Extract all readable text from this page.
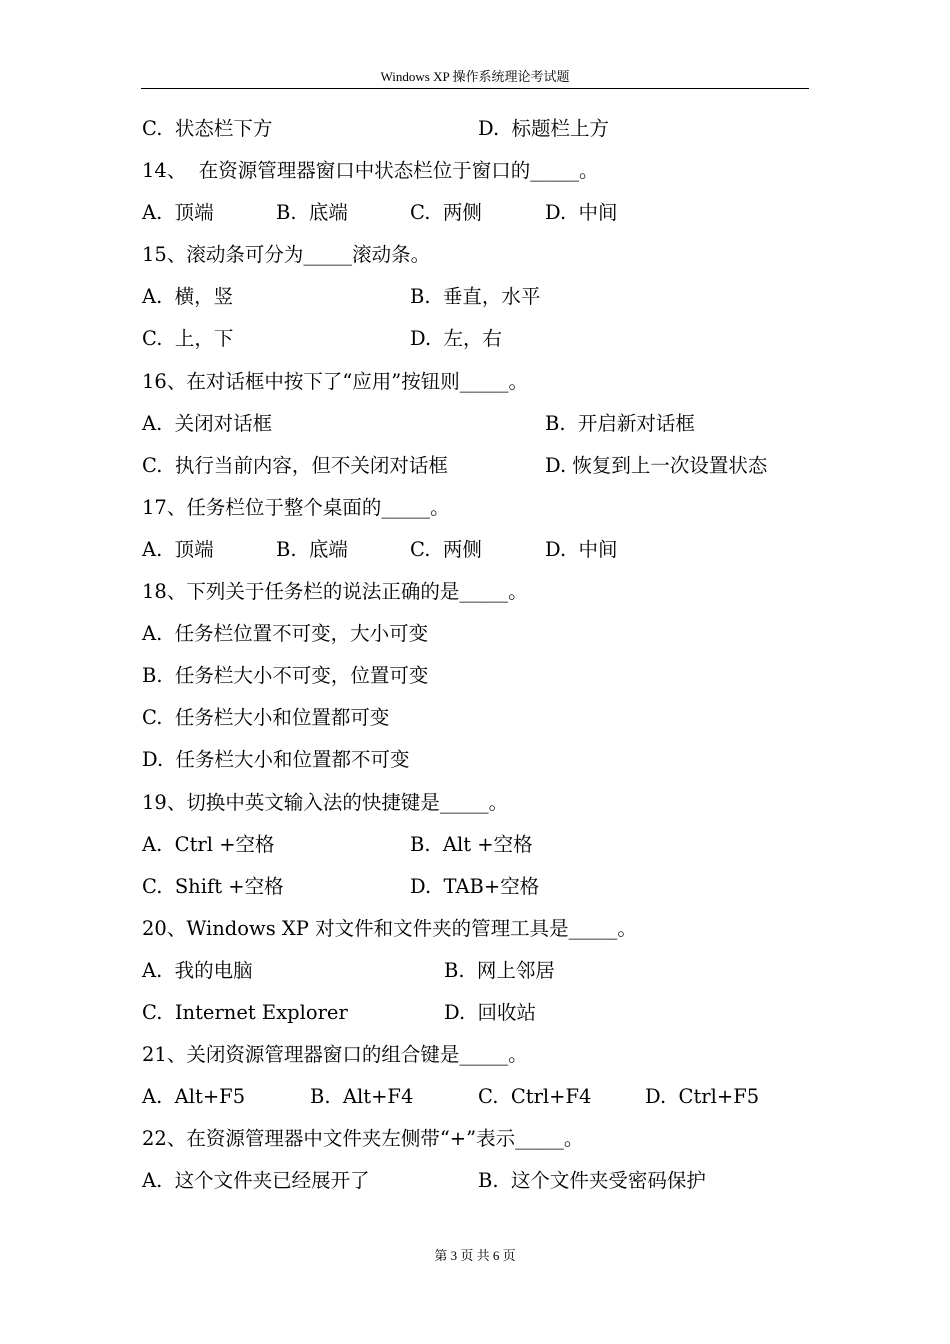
Windows XP 操作系统理论考试题
C.  状态栏下方	D.  标题栏上方
14、  在资源管理器窗口中状态栏位于窗口的_____。
A.  顶端	B.  底端	C.  两侧	D.  中间
15、滚动条可分为_____滚动条。
A.  横，竖	B.  垂直，水平
C.  上，下	D.  左，右
16、在对话框中按下了“应用”按钮则_____。
A.  关闭对话框	B.  开启新对话框
C.  执行当前内容，但不关闭对话框	D. 恢复到上一次设置状态
17、任务栏位于整个桌面的_____。
A.  顶端	B.  底端	C.  两侧	D.  中间
18、下列关于任务栏的说法正确的是_____。
A.  任务栏位置不可变，大小可变
B.  任务栏大小不可变，位置可变
C.  任务栏大小和位置都可变
D.  任务栏大小和位置都不可变
19、切换中英文输入法的快捷键是_____。
A.  Ctrl +空格	B.  Alt +空格
C.  Shift +空格	D.  TAB+空格
20、Windows XP 对文件和文件夹的管理工具是_____。
A.  我的电脑	B.  网上邻居
C.  Internet Explorer	D.  回收站
21、关闭资源管理器窗口的组合键是_____。
A.  Alt+F5	B.  Alt+F4	C.  Ctrl+F4	D.  Ctrl+F5
22、在资源管理器中文件夹左侧带“+”表示_____。
A.  这个文件夹已经展开了	B.  这个文件夹受密码保护
第 3 页 共 6 页
